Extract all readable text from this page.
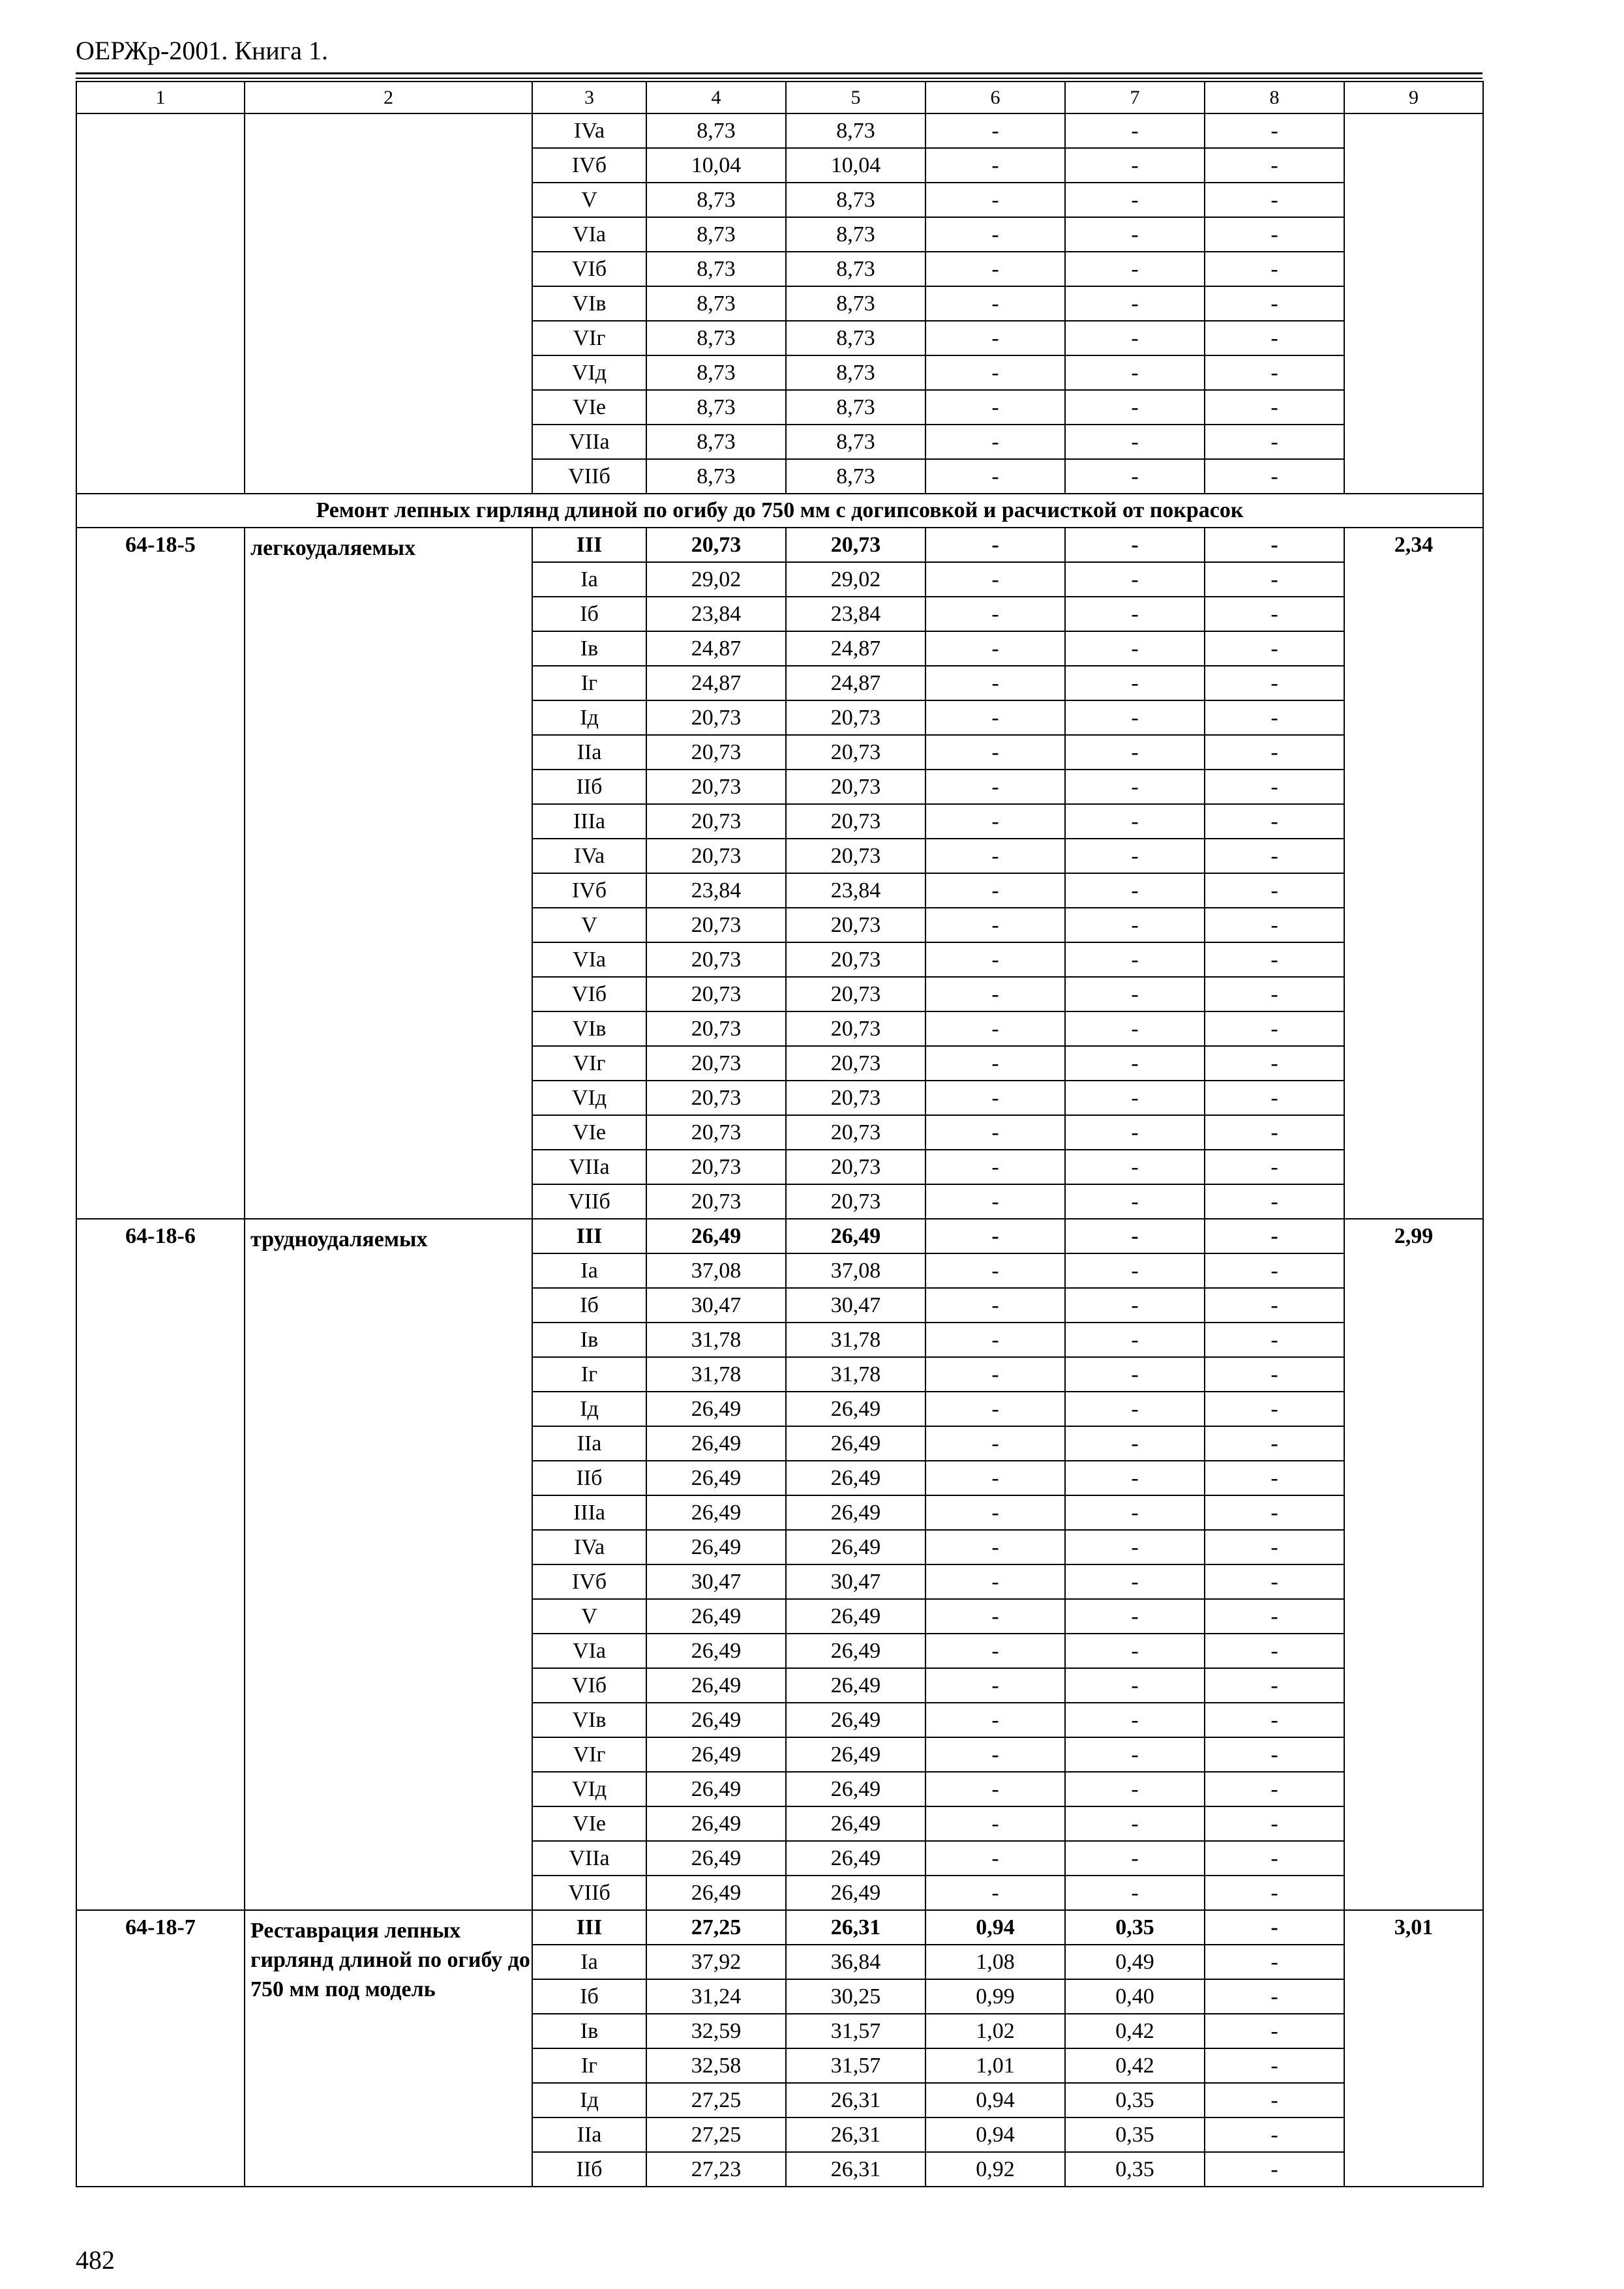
ОЕРЖр-2001. Книга 1.
1	2	3	4	5	6	7	8	9
		IVa	8,73	8,73	-	-	-	
		IVб	10,04	10,04	-	-	-	
		V	8,73	8,73	-	-	-	
		VIa	8,73	8,73	-	-	-	
		VIб	8,73	8,73	-	-	-	
		VIв	8,73	8,73	-	-	-	
		VIг	8,73	8,73	-	-	-	
		VIд	8,73	8,73	-	-	-	
		VIe	8,73	8,73	-	-	-	
		VIIa	8,73	8,73	-	-	-	
		VIIб	8,73	8,73	-	-	-	
Ремонт лепных гирлянд длиной по огибу до 750 мм с догипсовкой и расчисткой от покрасок								
64-18-5	легкоудаляемых	III	20,73	20,73	-	-	-	2,34
		Ia	29,02	29,02	-	-	-	
		Iб	23,84	23,84	-	-	-	
		Iв	24,87	24,87	-	-	-	
		Iг	24,87	24,87	-	-	-	
		Iд	20,73	20,73	-	-	-	
		IIa	20,73	20,73	-	-	-	
		IIб	20,73	20,73	-	-	-	
		IIIa	20,73	20,73	-	-	-	
		IVa	20,73	20,73	-	-	-	
		IVб	23,84	23,84	-	-	-	
		V	20,73	20,73	-	-	-	
		VIa	20,73	20,73	-	-	-	
		VIб	20,73	20,73	-	-	-	
		VIв	20,73	20,73	-	-	-	
		VIг	20,73	20,73	-	-	-	
		VIд	20,73	20,73	-	-	-	
		VIe	20,73	20,73	-	-	-	
		VIIa	20,73	20,73	-	-	-	
		VIIб	20,73	20,73	-	-	-	
64-18-6	трудноудаляемых	III	26,49	26,49	-	-	-	2,99
		Ia	37,08	37,08	-	-	-	
		Iб	30,47	30,47	-	-	-	
		Iв	31,78	31,78	-	-	-	
		Iг	31,78	31,78	-	-	-	
		Iд	26,49	26,49	-	-	-	
		IIa	26,49	26,49	-	-	-	
		IIб	26,49	26,49	-	-	-	
		IIIa	26,49	26,49	-	-	-	
		IVa	26,49	26,49	-	-	-	
		IVб	30,47	30,47	-	-	-	
		V	26,49	26,49	-	-	-	
		VIa	26,49	26,49	-	-	-	
		VIб	26,49	26,49	-	-	-	
		VIв	26,49	26,49	-	-	-	
		VIг	26,49	26,49	-	-	-	
		VIд	26,49	26,49	-	-	-	
		VIe	26,49	26,49	-	-	-	
		VIIa	26,49	26,49	-	-	-	
		VIIб	26,49	26,49	-	-	-	
64-18-7	Реставрация лепных гирлянд длиной по огибу до 750 мм под модель	III	27,25	26,31	0,94	0,35	-	3,01
		Ia	37,92	36,84	1,08	0,49	-	
		Iб	31,24	30,25	0,99	0,40	-	
		Iв	32,59	31,57	1,02	0,42	-	
		Iг	32,58	31,57	1,01	0,42	-	
		Iд	27,25	26,31	0,94	0,35	-	
		IIa	27,25	26,31	0,94	0,35	-	
		IIб	27,23	26,31	0,92	0,35	-	
482
